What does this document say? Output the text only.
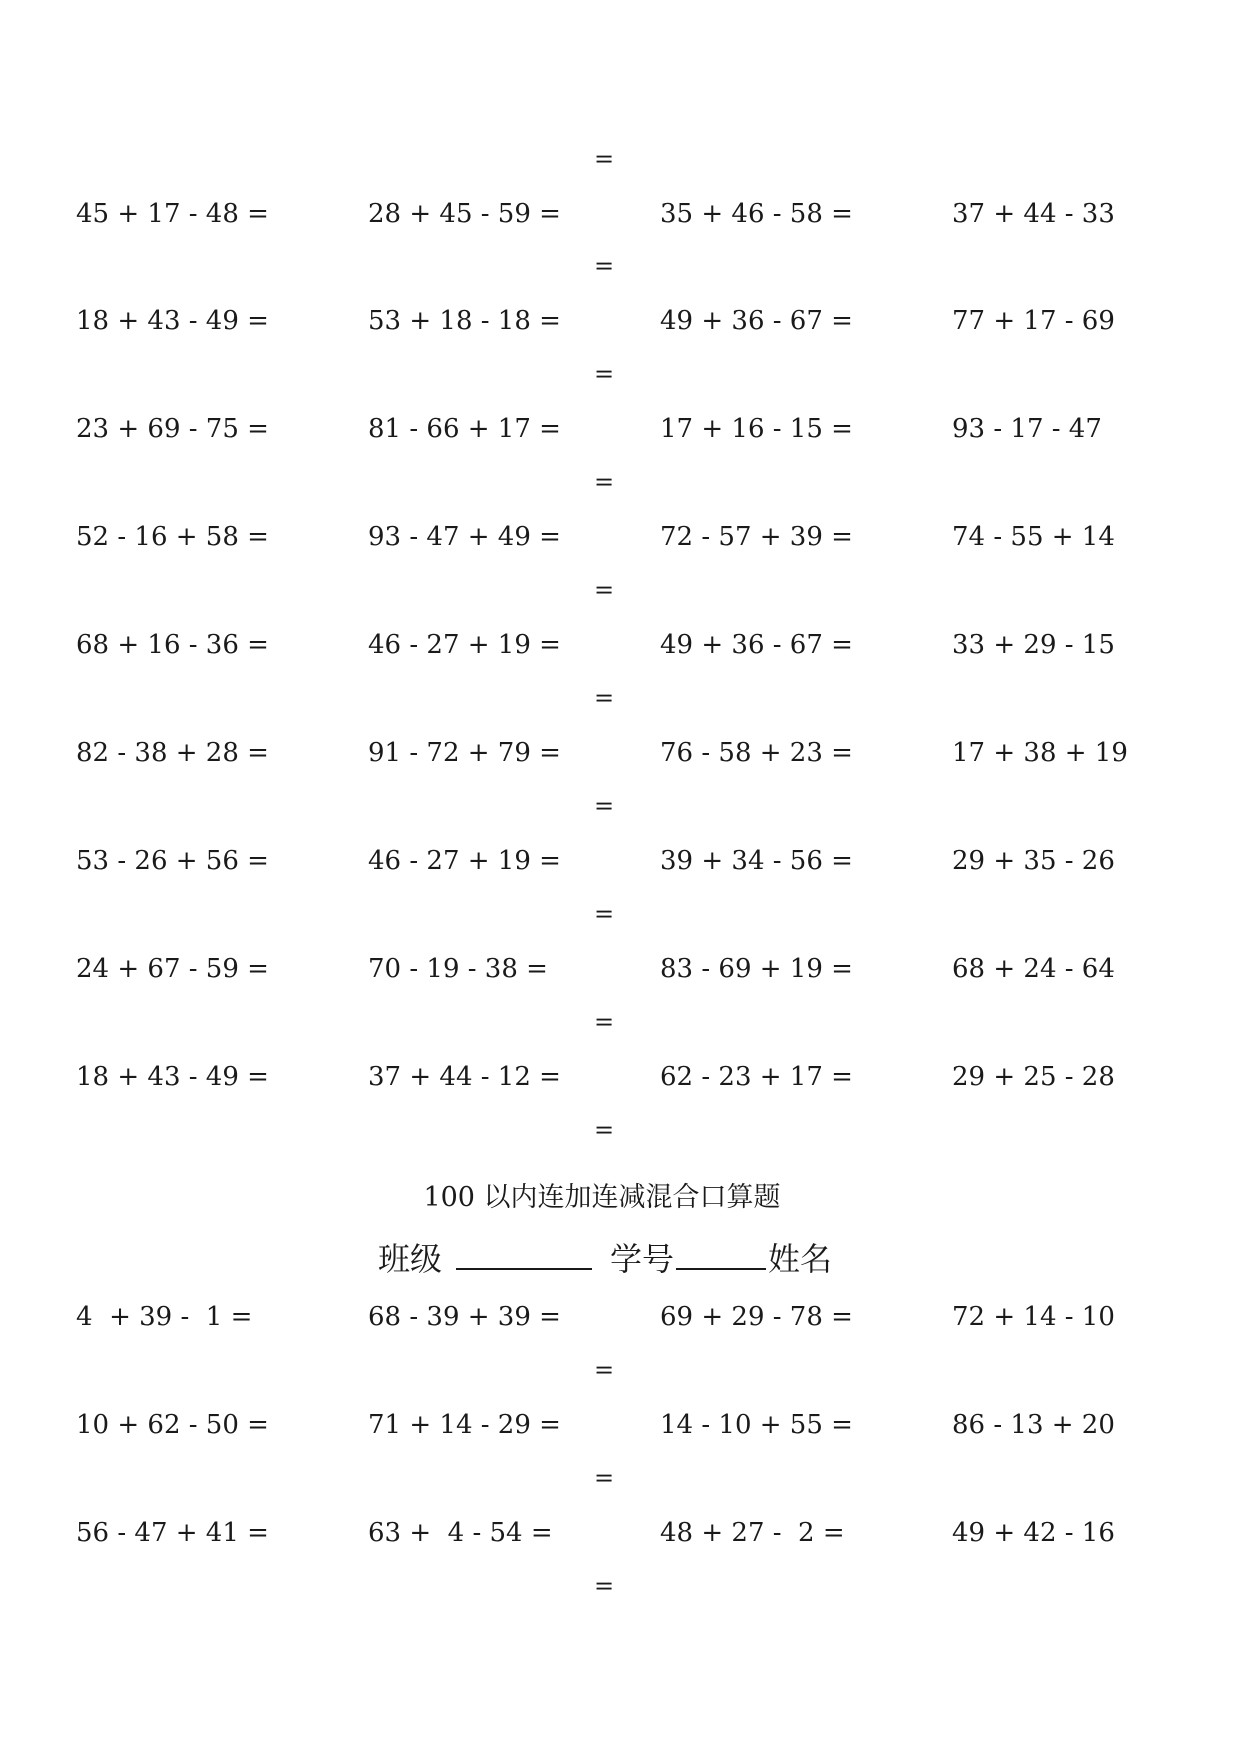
=
45 + 17 - 48 =	28 + 45 - 59 =	35 + 46 - 58 =	37 + 44 - 33
=
18 + 43 - 49 =	53 + 18 - 18 =	49 + 36 - 67 =	77 + 17 - 69
=
23 + 69 - 75 =	81 - 66 + 17 =	17 + 16 - 15 =	93 - 17 - 47
=
52 - 16 + 58 =	93 - 47 + 49 =	72 - 57 + 39 =	74 - 55 + 14
=
68 + 16 - 36 =	46 - 27 + 19 =	49 + 36 - 67 =	33 + 29 - 15
=
82 - 38 + 28 =	91 - 72 + 79 =	76 - 58 + 23 =	17 + 38 + 19
=
53 - 26 + 56 =	46 - 27 + 19 =	39 + 34 - 56 =	29 + 35 - 26
=
24 + 67 - 59 =	70 - 19 - 38 =	83 - 69 + 19 =	68 + 24 - 64
=
18 + 43 - 49 =	37 + 44 - 12 =	62 - 23 + 17 =	29 + 25 - 28
=
100 以内连加连减混合口算题
班级	学号	姓名
4  + 39 -  1 =	68 - 39 + 39 =	69 + 29 - 78 =	72 + 14 - 10
=
10 + 62 - 50 =	71 + 14 - 29 =	14 - 10 + 55 =	86 - 13 + 20
=
56 - 47 + 41 =	63 +  4 - 54 =	48 + 27 -  2 =	49 + 42 - 16
=
